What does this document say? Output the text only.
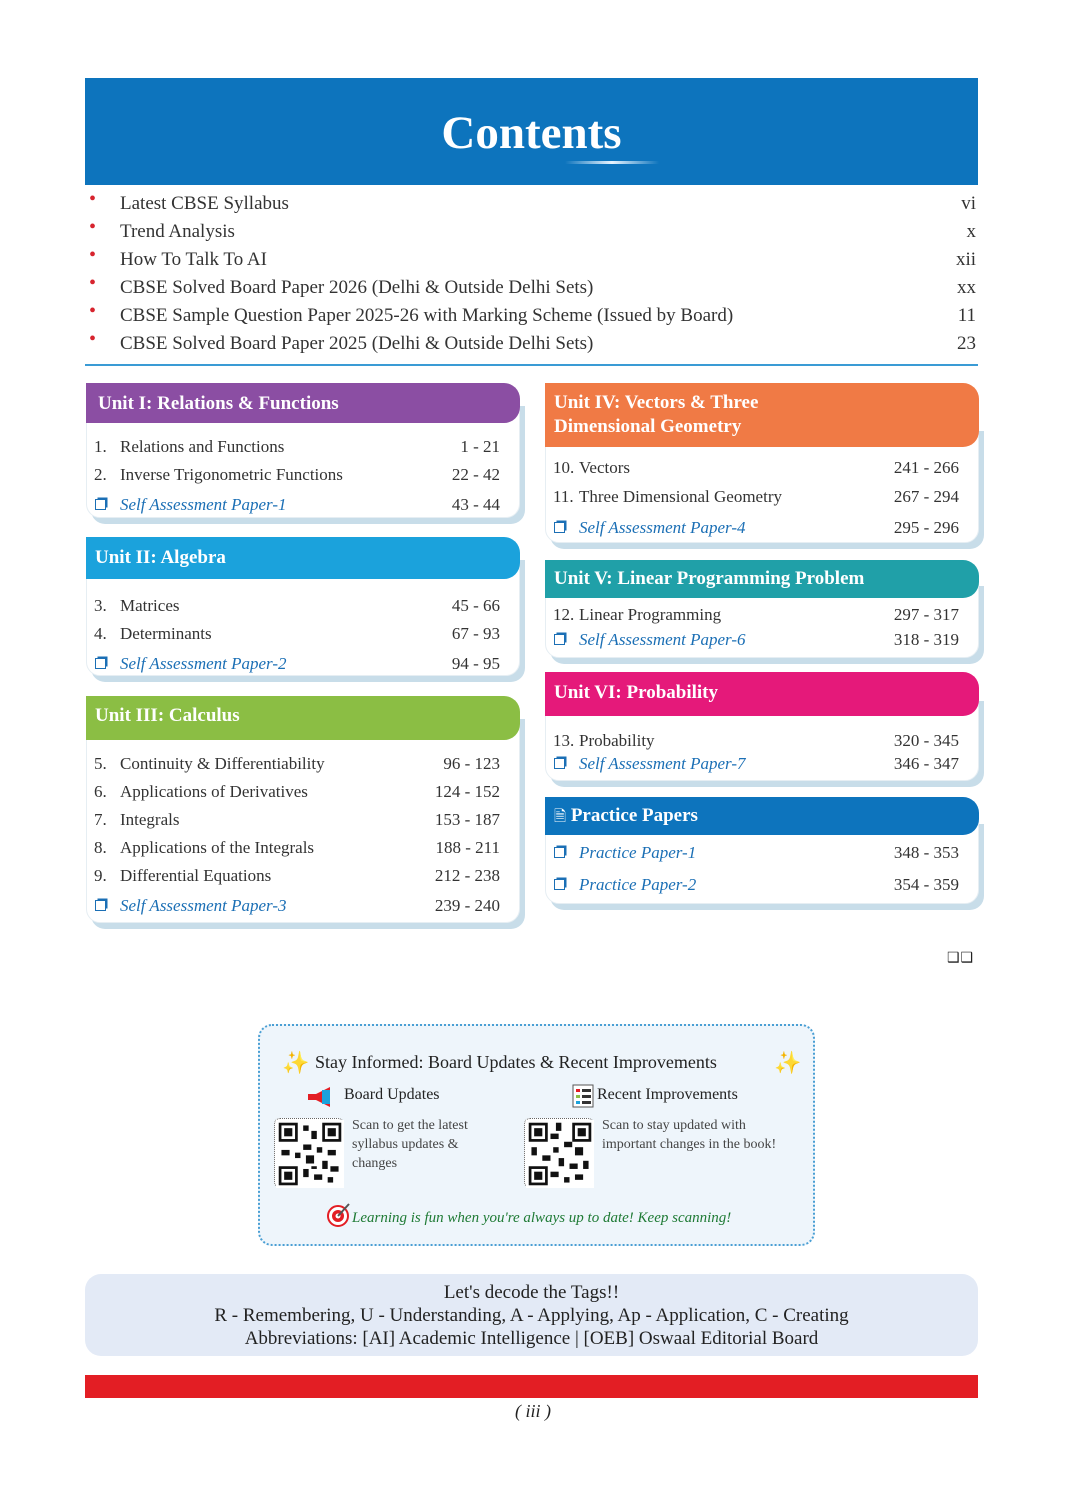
Contents
• Latest CBSE Syllabus	vi
• Trend Analysis	x
• How To Talk To AI	xii
• CBSE Solved Board Paper 2026 (Delhi & Outside Delhi Sets)	xx
• CBSE Sample Question Paper 2025-26 with Marking Scheme (Issued by Board)	11
• CBSE Solved Board Paper 2025 (Delhi & Outside Delhi Sets)	23
Unit I: Relations & Functions
1. Relations and Functions	1 - 21
2. Inverse Trigonometric Functions	22 - 42
Self Assessment Paper-1	43 - 44
Unit II: Algebra
3. Matrices	45 - 66
4. Determinants	67 - 93
Self Assessment Paper-2	94 - 95
Unit III: Calculus
5. Continuity & Differentiability	96 - 123
6. Applications of Derivatives	124 - 152
7. Integrals	153 - 187
8. Applications of the Integrals	188 - 211
9. Differential Equations	212 - 238
Self Assessment Paper-3	239 - 240
Unit IV: Vectors & Three
Dimensional Geometry
10. Vectors	241 - 266
11. Three Dimensional Geometry	267 - 294
Self Assessment Paper-4	295 - 296
Unit V: Linear Programming Problem
12. Linear Programming	297 - 317
Self Assessment Paper-6	318 - 319
Unit VI: Probability
13. Probability	320 - 345
Self Assessment Paper-7	346 - 347
🗎 Practice Papers
Practice Paper-1	348 - 353
Practice Paper-2	354 - 359
❑❑
✨ Stay Informed: Board Updates & Recent Improvements	✨
Board Updates	Recent Improvements
Scan to get the latest syllabus updates & changes
Scan to stay updated with important changes in the book!
Learning is fun when you're always up to date! Keep scanning!
Let's decode the Tags!!
R - Remembering, U - Understanding, A - Applying, Ap - Application, C - Creating
Abbreviations: [AI] Academic Intelligence | [OEB] Oswaal Editorial Board
( iii )
